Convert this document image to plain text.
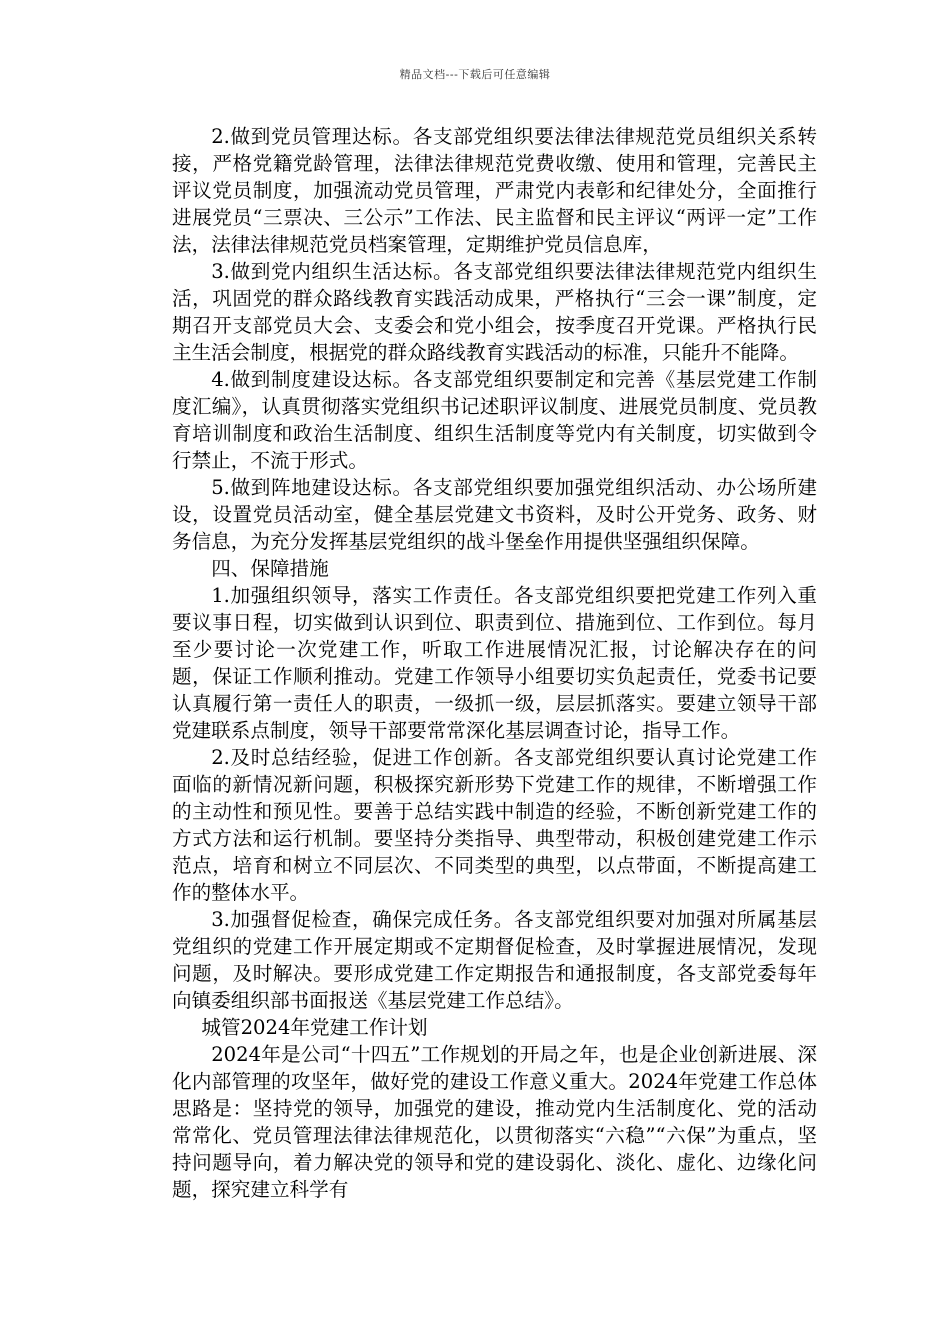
精品文档---下载后可任意编辑

2.做到党员管理达标。各支部党组织要法律法律规范党员组织关系转接，严格党籍党龄管理，法律法律规范党费收缴、使用和管理，完善民主评议党员制度，加强流动党员管理，严肃党内表彰和纪律处分，全面推行进展党员“三票决、三公示”工作法、民主监督和民主评议“两评一定”工作法，法律法律规范党员档案管理，定期维护党员信息库，

3.做到党内组织生活达标。各支部党组织要法律法律规范党内组织生活，巩固党的群众路线教育实践活动成果，严格执行“三会一课”制度，定期召开支部党员大会、支委会和党小组会，按季度召开党课。严格执行民主生活会制度，根据党的群众路线教育实践活动的标准，只能升不能降。

4.做到制度建设达标。各支部党组织要制定和完善《基层党建工作制度汇编》，认真贯彻落实党组织书记述职评议制度、进展党员制度、党员教育培训制度和政治生活制度、组织生活制度等党内有关制度，切实做到令行禁止，不流于形式。

5.做到阵地建设达标。各支部党组织要加强党组织活动、办公场所建设，设置党员活动室，健全基层党建文书资料，及时公开党务、政务、财务信息，为充分发挥基层党组织的战斗堡垒作用提供坚强组织保障。

四、保障措施

1.加强组织领导，落实工作责任。各支部党组织要把党建工作列入重要议事日程，切实做到认识到位、职责到位、措施到位、工作到位。每月至少要讨论一次党建工作，听取工作进展情况汇报，讨论解决存在的问题，保证工作顺利推动。党建工作领导小组要切实负起责任，党委书记要认真履行第一责任人的职责，一级抓一级，层层抓落实。要建立领导干部党建联系点制度，领导干部要常常深化基层调查讨论，指导工作。

2.及时总结经验，促进工作创新。各支部党组织要认真讨论党建工作面临的新情况新问题，积极探究新形势下党建工作的规律，不断增强工作的主动性和预见性。要善于总结实践中制造的经验，不断创新党建工作的方式方法和运行机制。要坚持分类指导、典型带动，积极创建党建工作示范点，培育和树立不同层次、不同类型的典型，以点带面，不断提高建工作的整体水平。

3.加强督促检查，确保完成任务。各支部党组织要对加强对所属基层党组织的党建工作开展定期或不定期督促检查，及时掌握进展情况，发现问题，及时解决。要形成党建工作定期报告和通报制度，各支部党委每年向镇委组织部书面报送《基层党建工作总结》。

城管2024年党建工作计划

2024年是公司“十四五”工作规划的开局之年，也是企业创新进展、深化内部管理的攻坚年，做好党的建设工作意义重大。2024年党建工作总体思路是：坚持党的领导，加强党的建设，推动党内生活制度化、党的活动常常化、党员管理法律法律规范化，以贯彻落实“六稳”“六保”为重点，坚持问题导向，着力解决党的领导和党的建设弱化、淡化、虚化、边缘化问题，探究建立科学有
